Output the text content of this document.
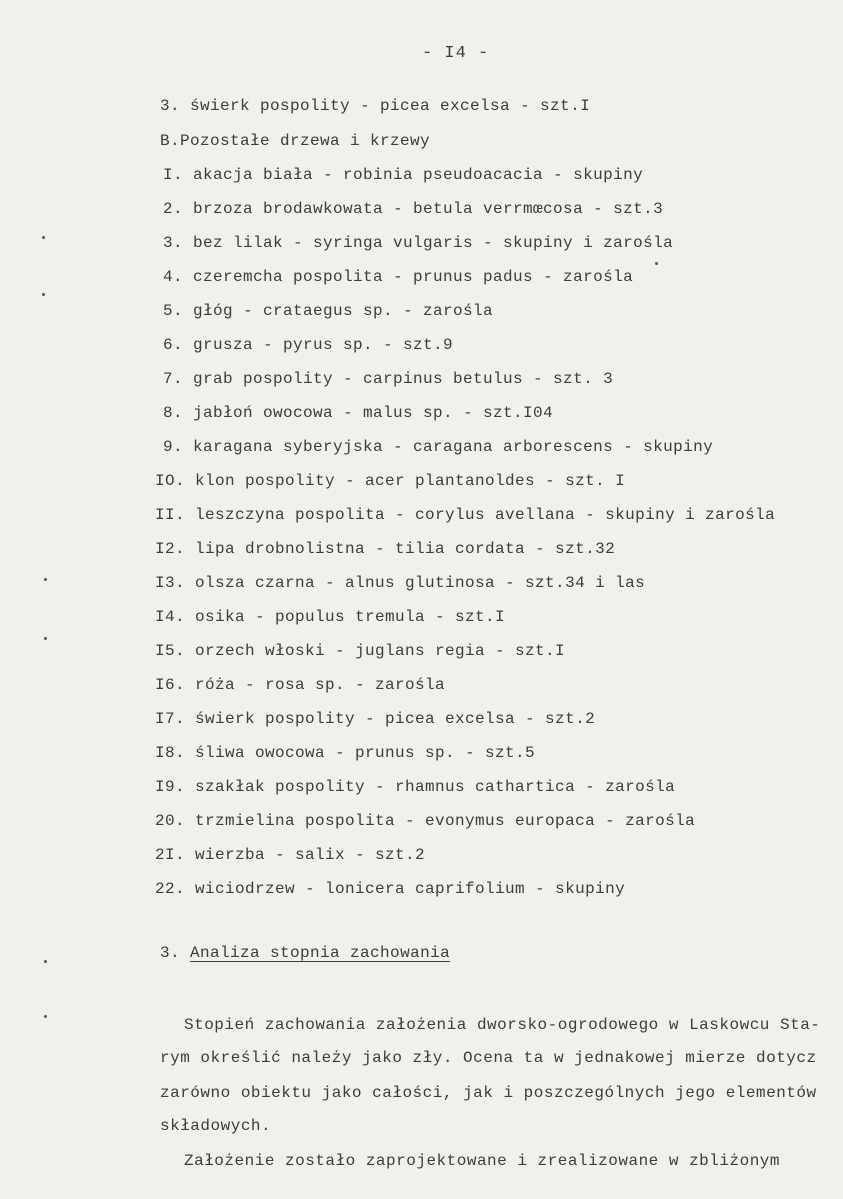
- I4 -
3. świerk pospolity - picea excelsa - szt.I
B.Pozostałe drzewa i krzewy
I. akacja biała - robinia pseudoacacia - skupiny
2. brzoza brodawkowata - betula verrmœcosa - szt.3
3. bez lilak - syringa vulgaris - skupiny i zarośla
4. czeremcha pospolita - prunus padus - zarośla
5. głóg - crataegus sp. - zarośla
6. grusza - pyrus sp. - szt.9
7. grab pospolity - carpinus betulus - szt. 3
8. jabłoń owocowa - malus sp. - szt.I04
9. karagana syberyjska - caragana arborescens - skupiny
IO. klon pospolity - acer plantanoldes - szt. I
II. leszczyna pospolita - corylus avellana - skupiny i zarośla
I2. lipa drobnolistna - tilia cordata - szt.32
I3. olsza czarna - alnus glutinosa - szt.34 i las
I4. osika - populus tremula - szt.I
I5. orzech włoski - juglans regia - szt.I
I6. róża - rosa sp. - zarośla
I7. świerk pospolity - picea excelsa - szt.2
I8. śliwa owocowa - prunus sp. - szt.5
I9. szakłak pospolity - rhamnus cathartica - zarośla
20. trzmielina pospolita - evonymus europaca - zarośla
2I. wierzba - salix - szt.2
22. wiciodrzew - lonicera caprifolium - skupiny
3. Analiza stopnia zachowania
Stopień zachowania założenia dworsko-ogrodowego w Laskowcu Sta-
rym określić należy jako zły. Ocena ta w jednakowej mierze dotycz
zarówno obiektu jako całości, jak i poszczególnych jego elementów
składowych.
Założenie zostało zaprojektowane i zrealizowane w zbliżonym
